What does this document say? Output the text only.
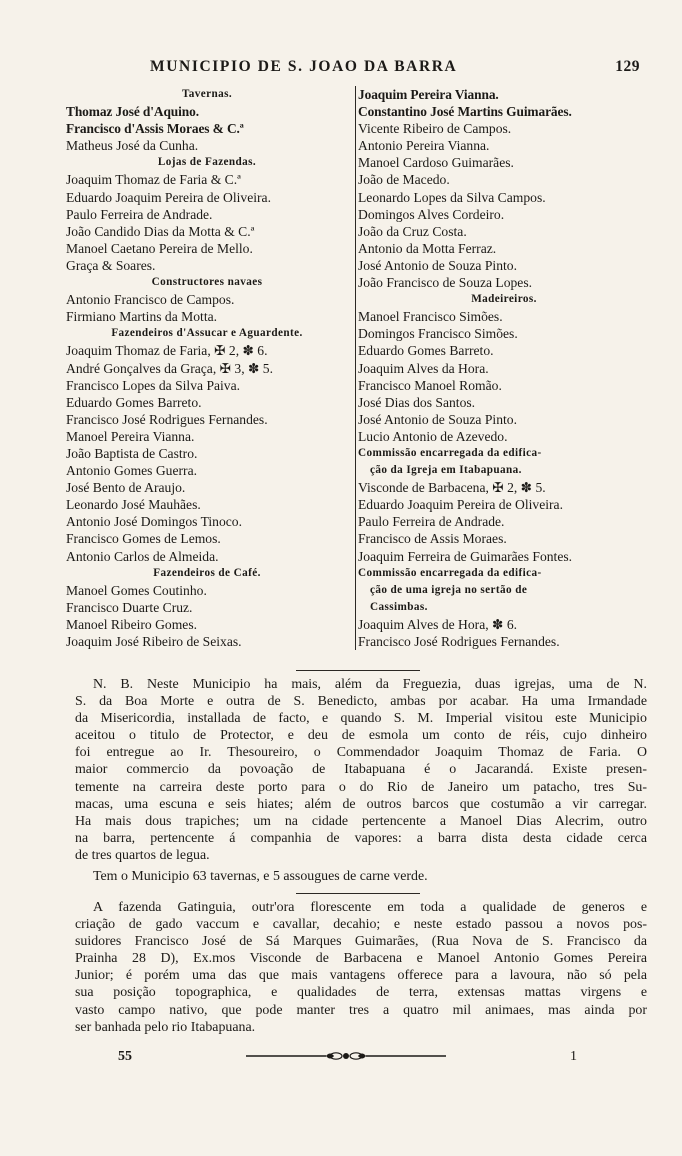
MUNICIPIO DE S. JOAO DA BARRA	129
Tavernas.
Thomaz José d'Aquino.
Francisco d'Assis Moraes & C.ª
Matheus José da Cunha.
Lojas de Fazendas.
Joaquim Thomaz de Faria & C.ª
Eduardo Joaquim Pereira de Oliveira.
Paulo Ferreira de Andrade.
João Candido Dias da Motta & C.ª
Manoel Caetano Pereira de Mello.
Graça & Soares.
Constructores navaes
Antonio Francisco de Campos.
Firmiano Martins da Motta.
Fazendeiros d'Assucar e Aguardente.
Joaquim Thomaz de Faria, ✠ 2, ✽ 6.
André Gonçalves da Graça, ✠ 3, ✽ 5.
Francisco Lopes da Silva Paiva.
Eduardo Gomes Barreto.
Francisco José Rodrigues Fernandes.
Manoel Pereira Vianna.
João Baptista de Castro.
Antonio Gomes Guerra.
José Bento de Araujo.
Leonardo José Mauhães.
Antonio José Domingos Tinoco.
Francisco Gomes de Lemos.
Antonio Carlos de Almeida.
Fazendeiros de Café.
Manoel Gomes Coutinho.
Francisco Duarte Cruz.
Manoel Ribeiro Gomes.
Joaquim José Ribeiro de Seixas.
Joaquim Pereira Vianna.
Constantino José Martins Guimarães.
Vicente Ribeiro de Campos.
Antonio Pereira Vianna.
Manoel Cardoso Guimarães.
João de Macedo.
Leonardo Lopes da Silva Campos.
Domingos Alves Cordeiro.
João da Cruz Costa.
Antonio da Motta Ferraz.
José Antonio de Souza Pinto.
João Francisco de Souza Lopes.
Madeireiros.
Manoel Francisco Simões.
Domingos Francisco Simões.
Eduardo Gomes Barreto.
Joaquim Alves da Hora.
Francisco Manoel Romão.
José Dias dos Santos.
José Antonio de Souza Pinto.
Lucio Antonio de Azevedo.
Commissão encarregada da edifica-
ção da Igreja em Itabapuana.
Visconde de Barbacena, ✠ 2, ✽ 5.
Eduardo Joaquim Pereira de Oliveira.
Paulo Ferreira de Andrade.
Francisco de Assis Moraes.
Joaquim Ferreira de Guimarães Fontes.
Commissão encarregada da edifica-
ção de uma igreja no sertão de
Cassimbas.
Joaquim Alves de Hora, ✽ 6.
Francisco José Rodrigues Fernandes.
N. B. Neste Municipio ha mais, além da Freguezia, duas igrejas, uma de N.
S. da Boa Morte e outra de S. Benedicto, ambas por acabar. Ha uma Irmandade
da Misericordia, installada de facto, e quando S. M. Imperial visitou este Municipio
aceitou o titulo de Protector, e deu de esmola um conto de réis, cujo dinheiro
foi entregue ao Ir. Thesoureiro, o Commendador Joaquim Thomaz de Faria. O
maior commercio da povoação de Itabapuana é o Jacarandá. Existe presen-
temente na carreira deste porto para o do Rio de Janeiro um patacho, tres Su-
macas, uma escuna e seis hiates; além de outros barcos que costumão a vir carregar.
Ha mais dous trapiches; um na cidade pertencente a Manoel Dias Alecrim, outro
na barra, pertencente á companhia de vapores: a barra dista desta cidade cerca
de tres quartos de legua.
Tem o Municipio 63 tavernas, e 5 assougues de carne verde.
A fazenda Gatinguia, outr'ora florescente em toda a qualidade de generos e
criação de gado vaccum e cavallar, decahio; e neste estado passou a novos pos-
suidores Francisco José de Sá Marques Guimarães, (Rua Nova de S. Francisco da
Prainha 28 D), Ex.mos Visconde de Barbacena e Manoel Antonio Gomes Pereira
Junior; é porém uma das que mais vantagens offerece para a lavoura, não só pela
sua posição topographica, e qualidades de terra, extensas mattas virgens e
vasto campo nativo, que pode manter tres a quatro mil animaes, mas ainda por
ser banhada pelo rio Itabapuana.
55	1
